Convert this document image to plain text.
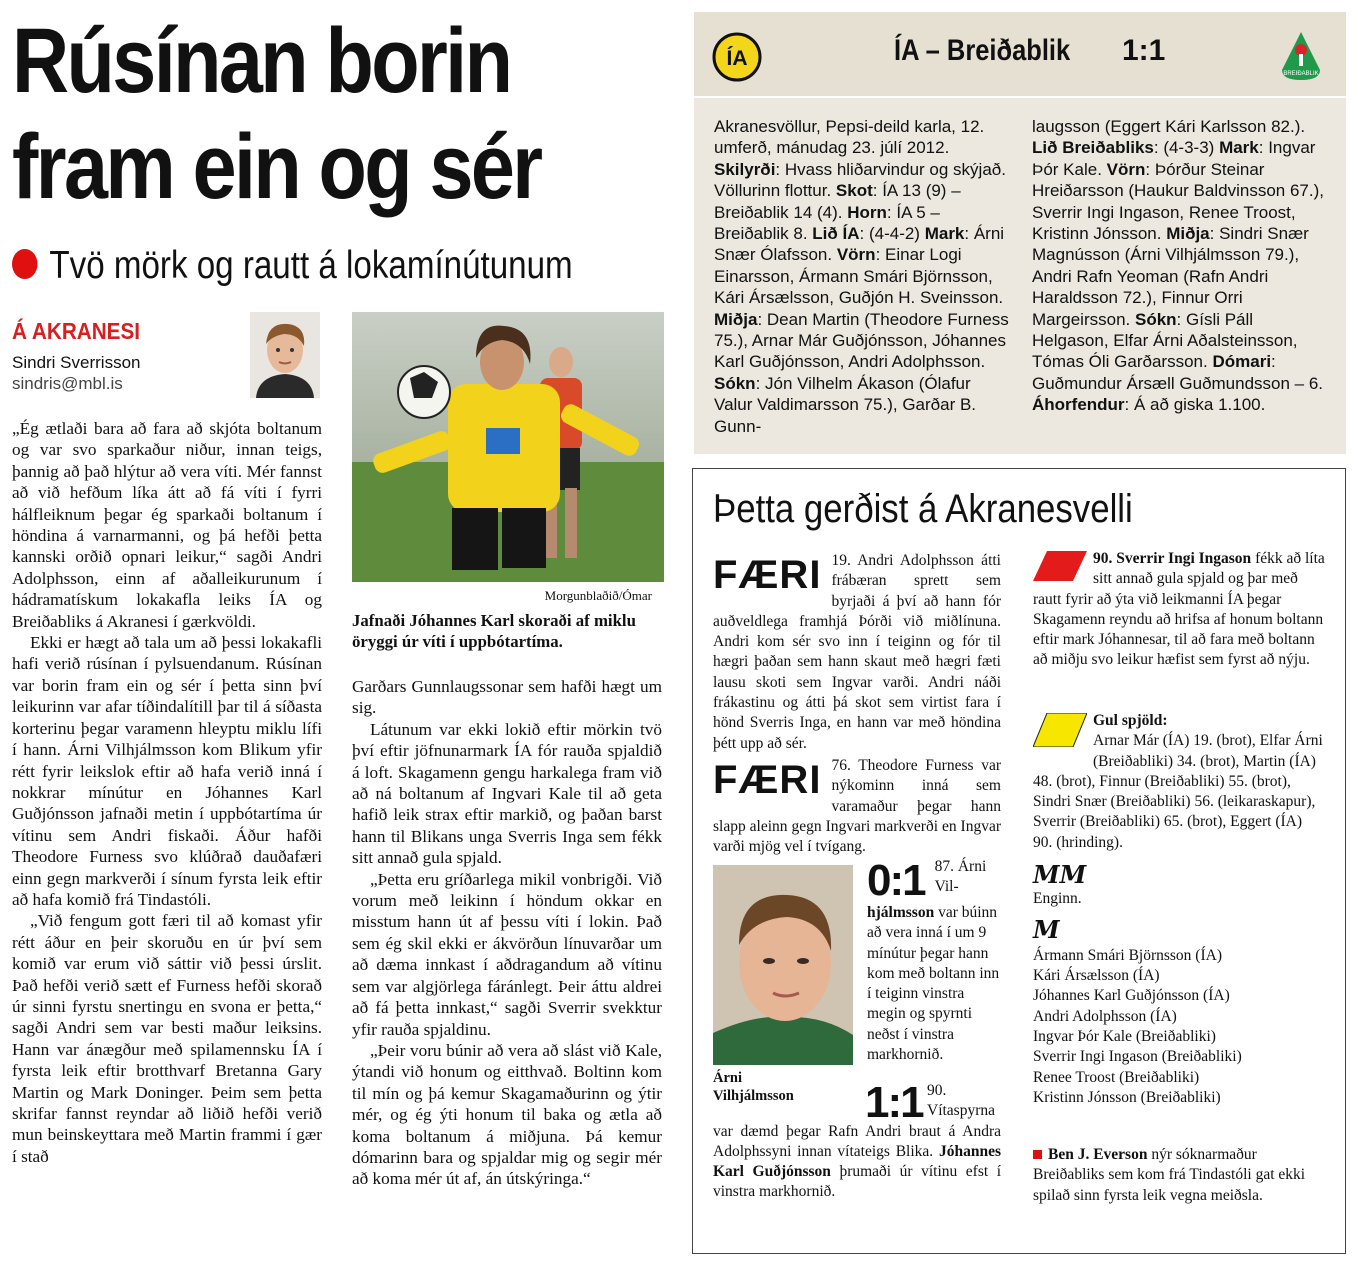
Rúsínan borin
fram ein og sér
Tvö mörk og rautt á lokamínútunum
Á AKRANESI
Sindri Sverrisson
sindris@mbl.is

„Ég ætlaði bara að fara að skjóta boltanum og var svo sparkaður niður, innan teigs, þannig að það hlýtur að vera víti. Mér fannst að við hefðum líka átt að fá víti í fyrri hálfleiknum þegar ég sparkaði boltanum í höndina á varnarmanni, og þá hefði þetta kannski orðið opnari leikur,“ sagði Andri Adolphsson, einn af aðalleikurunum í hádramatískum lokakafla leiks ÍA og Breiðabliks á Akranesi í gærkvöldi.

Ekki er hægt að tala um að þessi lokakafli hafi verið rúsínan í pylsuendanum. Rúsínan var borin fram ein og sér í þetta sinn því leikurinn var afar tíðindalítill þar til á síðasta korterinu þegar varamenn hleyptu miklu lífi í hann. Árni Vilhjálmsson kom Blikum yfir rétt fyrir leikslok eftir að hafa verið inná í nokkrar mínútur en Jóhannes Karl Guðjónsson jafnaði metin í uppbótartíma úr vítinu sem Andri fiskaði. Áður hafði Theodore Furness svo klúðrað dauðafæri einn gegn markverði í sínum fyrsta leik eftir að hafa komið frá Tindastóli.

„Við fengum gott færi til að komast yfir rétt áður en þeir skoruðu en úr því sem komið var erum við sáttir við þessi úrslit. Það hefði verið sætt ef Furness hefði skorað úr sinni fyrstu snertingu en svona er þetta,“ sagði Andri sem var besti maður leiksins. Hann var ánægður með spilamennsku ÍA í fyrsta leik eftir brotthvarf Bretanna Gary Martin og Mark Doninger. Þeim sem þetta skrifar fannst reyndar að liðið hefði verið mun beinskeyttara með Martin frammi í gær í stað

Morgunblaðið/Ómar
Jafnaði Jóhannes Karl skoraði af miklu öryggi úr víti í uppbótartíma.

Garðars Gunnlaugssonar sem hafði hægt um sig.

Látunum var ekki lokið eftir mörkin tvö því eftir jöfnunarmark ÍA fór rauða spjaldið á loft. Skagamenn gengu harkalega fram við að ná boltanum af Ingvari Kale til að geta hafið leik strax eftir markið, og þaðan barst hann til Blikans unga Sverris Inga sem fékk sitt annað gula spjald.

„Þetta eru gríðarlega mikil vonbrigði. Við vorum með leikinn í höndum okkar en misstum hann út af þessu víti í lokin. Það sem ég skil ekki er ákvörðun línuvarðar um að dæma innkast í aðdragandum að vítinu sem var algjörlega fáránlegt. Þeir áttu aldrei að fá þetta innkast,“ sagði Sverrir svekktur yfir rauða spjaldinu.

„Þeir voru búnir að vera að slást við Kale, ýtandi við honum og eitthvað. Boltinn kom til mín og þá kemur Skagamaðurinn og ýtir mér, og ég ýti honum til baka og ætla að koma boltanum á miðjuna. Þá kemur dómarinn bara og spjaldar mig og segir mér að koma mér út af, án útskýringa.“

ÍA	ÍA – Breiðablik 1:1
BREIÐABLIK
Akranesvöllur, Pepsi-deild karla, 12. umferð, mánudag 23. júlí 2012. Skilyrði: Hvass hliðarvindur og skýjað. Völlurinn flottur. Skot: ÍA 13 (9) – Breiðablik 14 (4). Horn: ÍA 5 – Breiðablik 8. Lið ÍA: (4-4-2) Mark: Árni Snær Ólafsson. Vörn: Einar Logi Einarsson, Ármann Smári Björnsson, Kári Ársælsson, Guðjón H. Sveinsson. Miðja: Dean Martin (Theodore Furness 75.), Arnar Már Guðjónsson, Jóhannes Karl Guðjónsson, Andri Adolphsson. Sókn: Jón Vilhelm Ákason (Ólafur Valur Valdimarsson 75.), Garðar B. Gunn-
laugsson (Eggert Kári Karlsson 82.). Lið Breiðabliks: (4-3-3) Mark: Ingvar Þór Kale. Vörn: Þórður Steinar Hreiðarsson (Haukur Baldvinsson 67.), Sverrir Ingi Ingason, Renee Troost, Kristinn Jónsson. Miðja: Sindri Snær Magnússon (Árni Vilhjálmsson 79.), Andri Rafn Yeoman (Rafn Andri Haraldsson 72.), Finnur Orri Margeirsson. Sókn: Gísli Páll Helgason, Elfar Árni Aðalsteinsson, Tómas Óli Garðarsson. Dómari: Guðmundur Ársæll Guðmundsson – 6. Áhorfendur: Á að giska 1.100.
Þetta gerðist á Akranesvelli
FÆRI 19. Andri Adolphsson átti frábæran sprett sem byrjaði á því að hann fór auðveldlega framhjá Þórði við miðlínuna. Andri kom sér svo inn í teiginn og fór til hægri þaðan sem hann skaut með hægri fæti lausu skoti sem Ingvar varði. Andri náði frákastinu og átti þá skot sem virtist fara í hönd Sverris Inga, en hann var með höndina þétt upp að sér.
FÆRI 76. Theodore Furness var nýkominn inná sem varamaður þegar hann slapp aleinn gegn Ingvari markverði en Ingvar varði mjög vel í tvígang.
Árni Vilhjálmsson
0:1 87. Árni Vil-hjálmsson var búinn að vera inná í um 9 mínútur þegar hann kom með boltann inn í teiginn vinstra megin og spyrnti neðst í vinstra markhornið.
1:1 90. Vítaspyrna var dæmd þegar Rafn Andri braut á Andra Adolphssyni innan vítateigs Blika. Jóhannes Karl Guðjónsson þrumaði úr vítinu efst í vinstra markhornið.
90. Sverrir Ingi Ingason fékk að líta sitt annað gula spjald og þar með rautt fyrir að ýta við leikmanni ÍA þegar Skagamenn reyndu að hrifsa af honum boltann eftir mark Jóhannesar, til að fara með boltann að miðju svo leikur hæfist sem fyrst að nýju.
Gul spjöld:
Arnar Már (ÍA) 19. (brot), Elfar Árni (Breiðabliki) 34. (brot), Martin (ÍA) 48. (brot), Finnur (Breiðabliki) 55. (brot), Sindri Snær (Breiðabliki) 56. (leikaraskapur), Sverrir (Breiðabliki) 65. (brot), Eggert (ÍA) 90. (hrinding).
MM
Enginn.
M
Ármann Smári Björnsson (ÍA)
Kári Ársælsson (ÍA)
Jóhannes Karl Guðjónsson (ÍA)
Andri Adolphsson (ÍA)
Ingvar Þór Kale (Breiðabliki)
Sverrir Ingi Ingason (Breiðabliki)
Renee Troost (Breiðabliki)
Kristinn Jónsson (Breiðabliki)
Ben J. Everson nýr sóknarmaður Breiðabliks sem kom frá Tindastóli gat ekki spilað sinn fyrsta leik vegna meiðsla.
